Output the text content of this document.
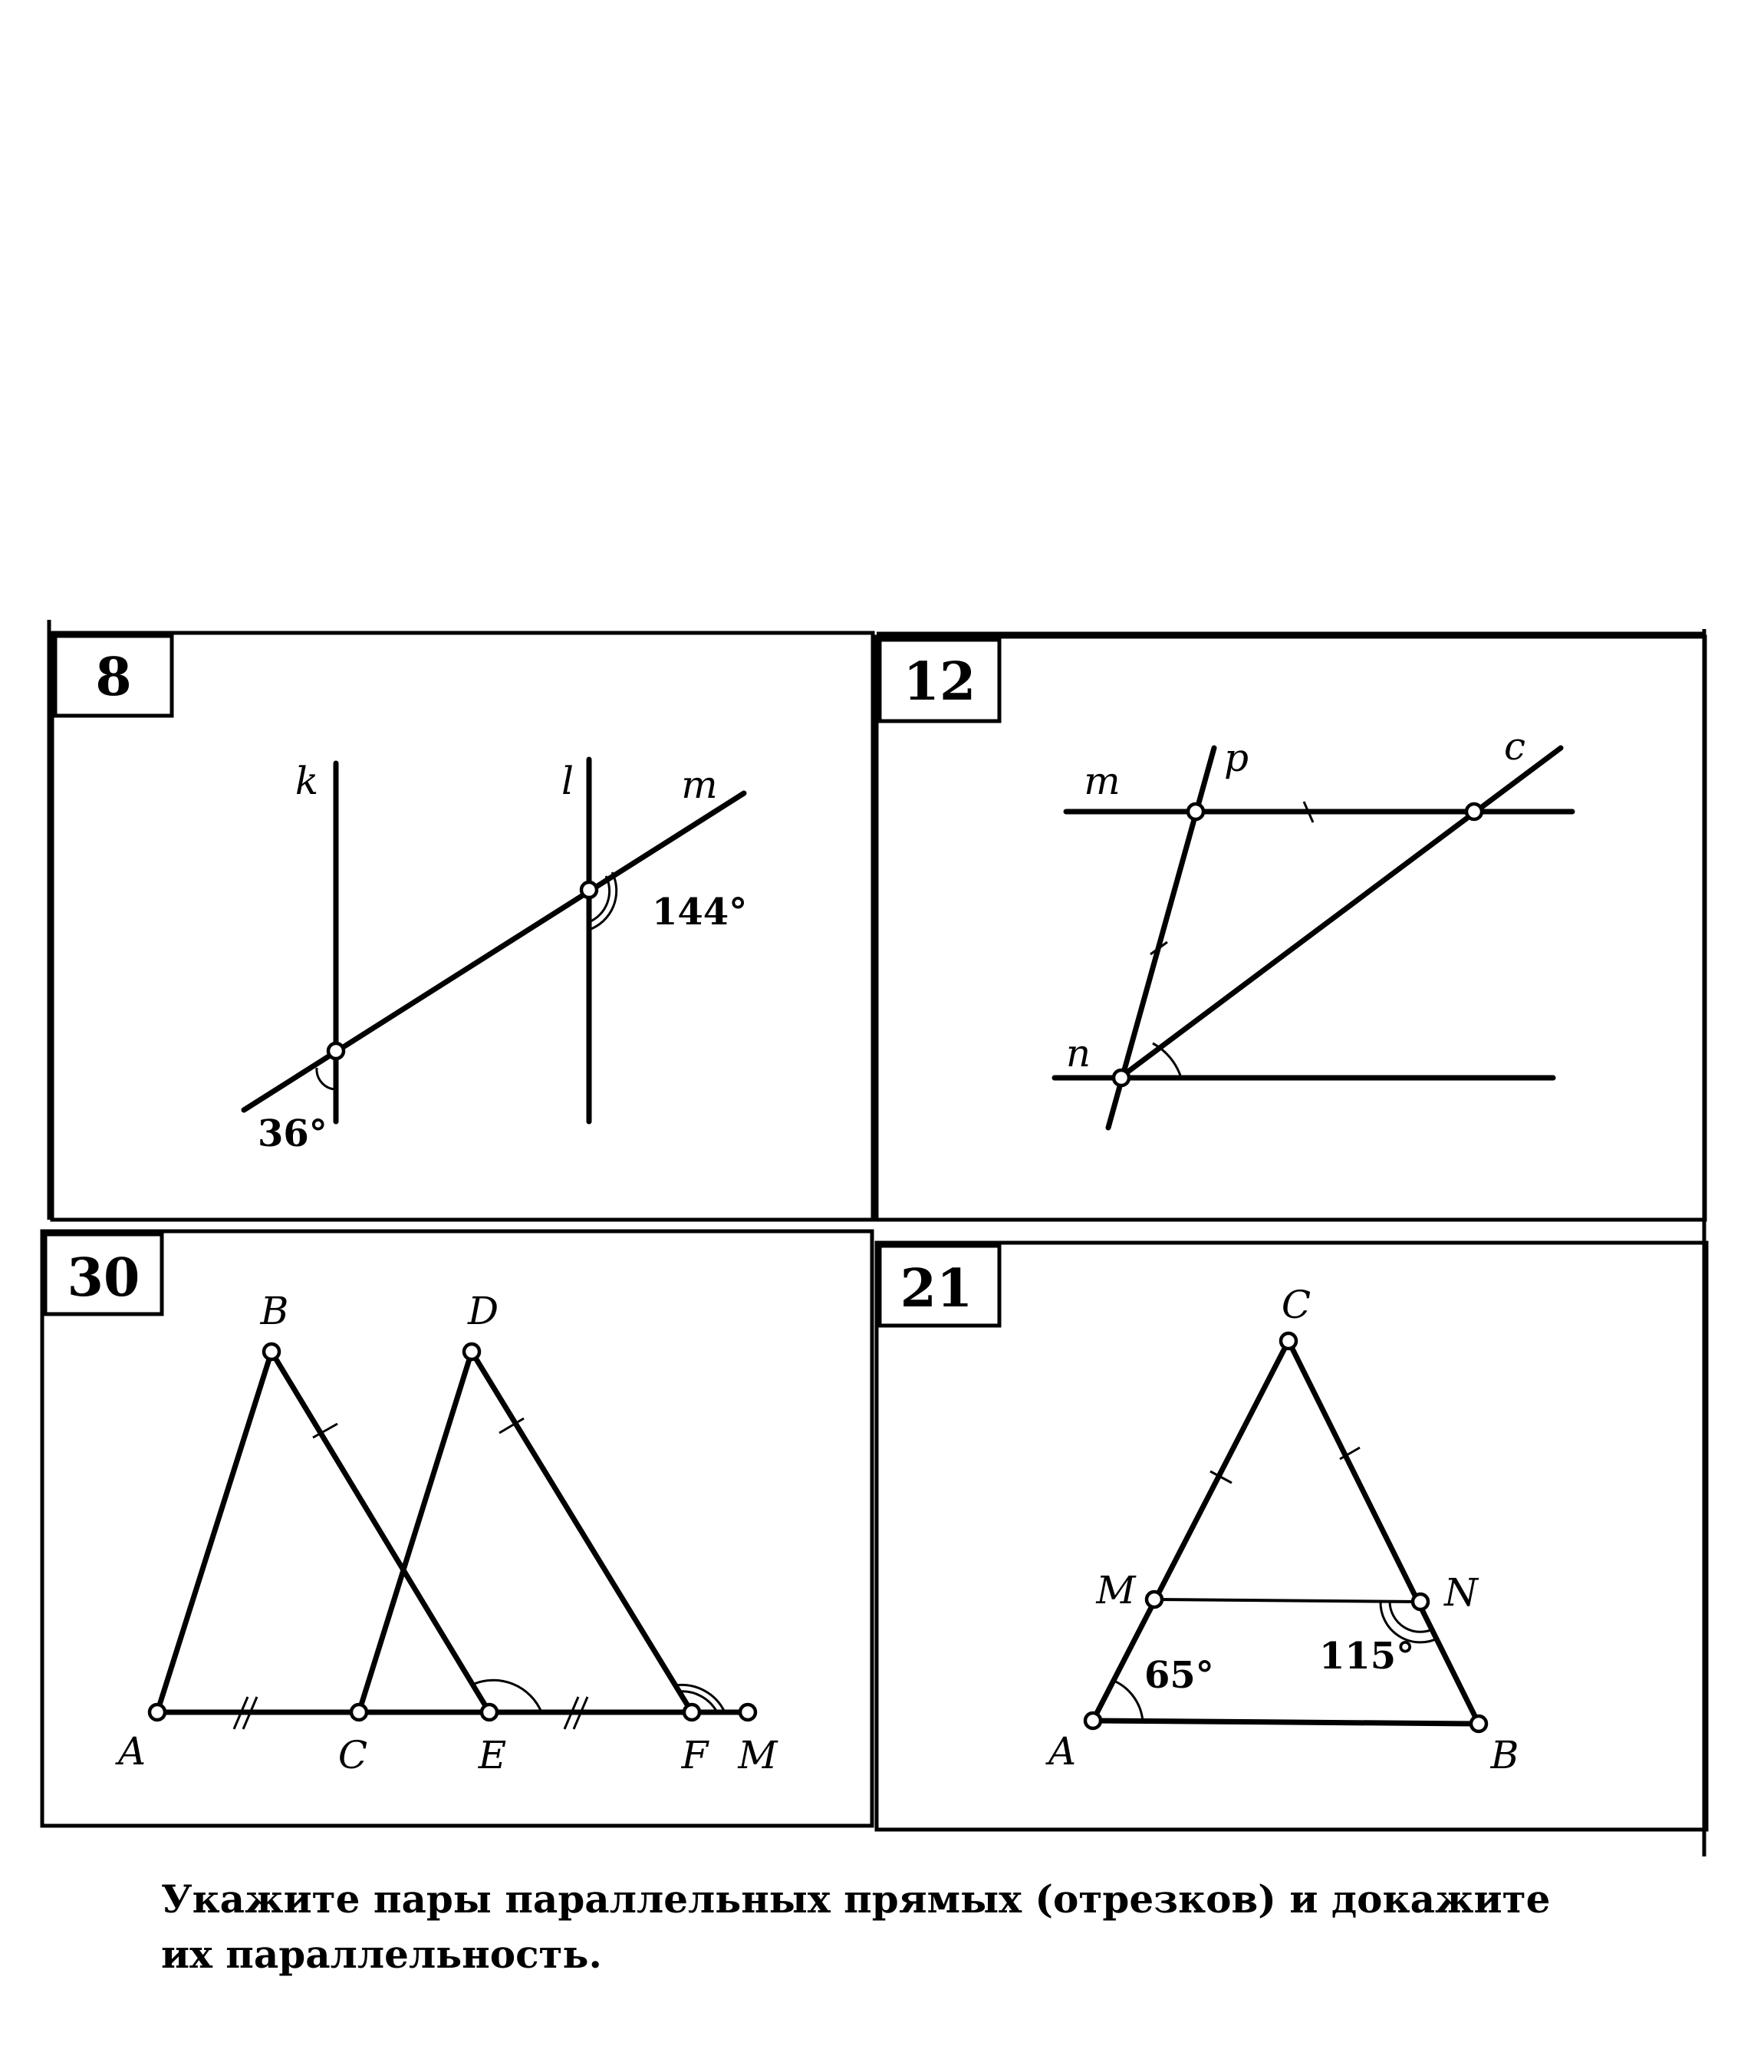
8
k	l	m
36°
144°
12
m
p	c
n
30
B	D
A	C	E	F M
21	C
M	N
A	B
65°	115°
Укажите пары параллельных прямых (отрезков) и докажите
их параллельность.
